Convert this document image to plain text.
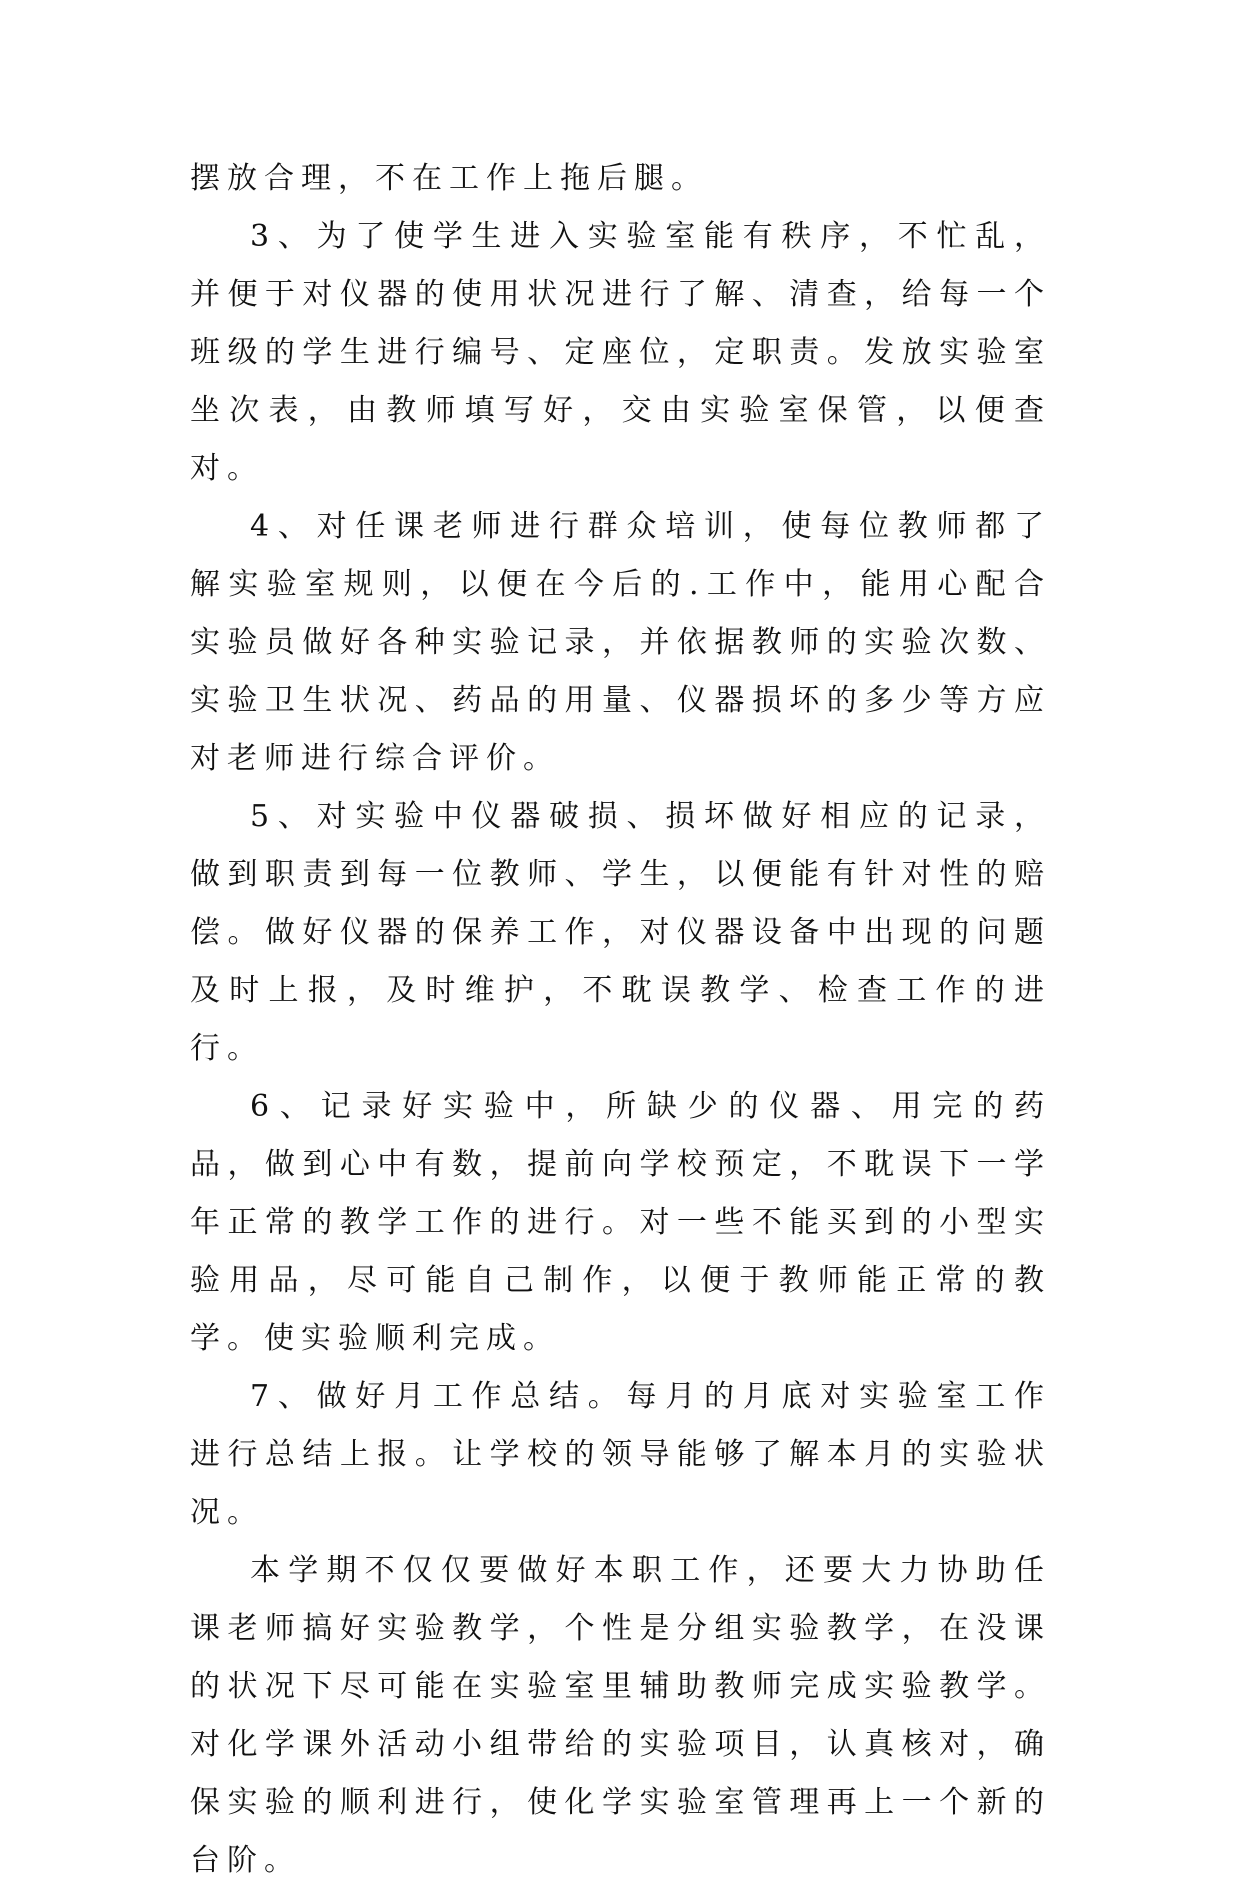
摆放合理，不在工作上拖后腿。

3、为了使学生进入实验室能有秩序，不忙乱，并便于对仪器的使用状况进行了解、清查，给每一个班级的学生进行编号、定座位，定职责。发放实验室坐次表，由教师填写好，交由实验室保管，以便查对。

4、对任课老师进行群众培训，使每位教师都了解实验室规则，以便在今后的.工作中，能用心配合实验员做好各种实验记录，并依据教师的实验次数、实验卫生状况、药品的用量、仪器损坏的多少等方应对老师进行综合评价。

5、对实验中仪器破损、损坏做好相应的记录，做到职责到每一位教师、学生，以便能有针对性的赔偿。做好仪器的保养工作，对仪器设备中出现的问题及时上报，及时维护，不耽误教学、检查工作的进行。

6、记录好实验中，所缺少的仪器、用完的药品，做到心中有数，提前向学校预定，不耽误下一学年正常的教学工作的进行。对一些不能买到的小型实验用品，尽可能自己制作，以便于教师能正常的教学。使实验顺利完成。

7、做好月工作总结。每月的月底对实验室工作进行总结上报。让学校的领导能够了解本月的实验状况。

本学期不仅仅要做好本职工作，还要大力协助任课老师搞好实验教学，个性是分组实验教学，在没课的状况下尽可能在实验室里辅助教师完成实验教学。对化学课外活动小组带给的实验项目，认真核对，确保实验的顺利进行，使化学实验室管理再上一个新的台阶。
